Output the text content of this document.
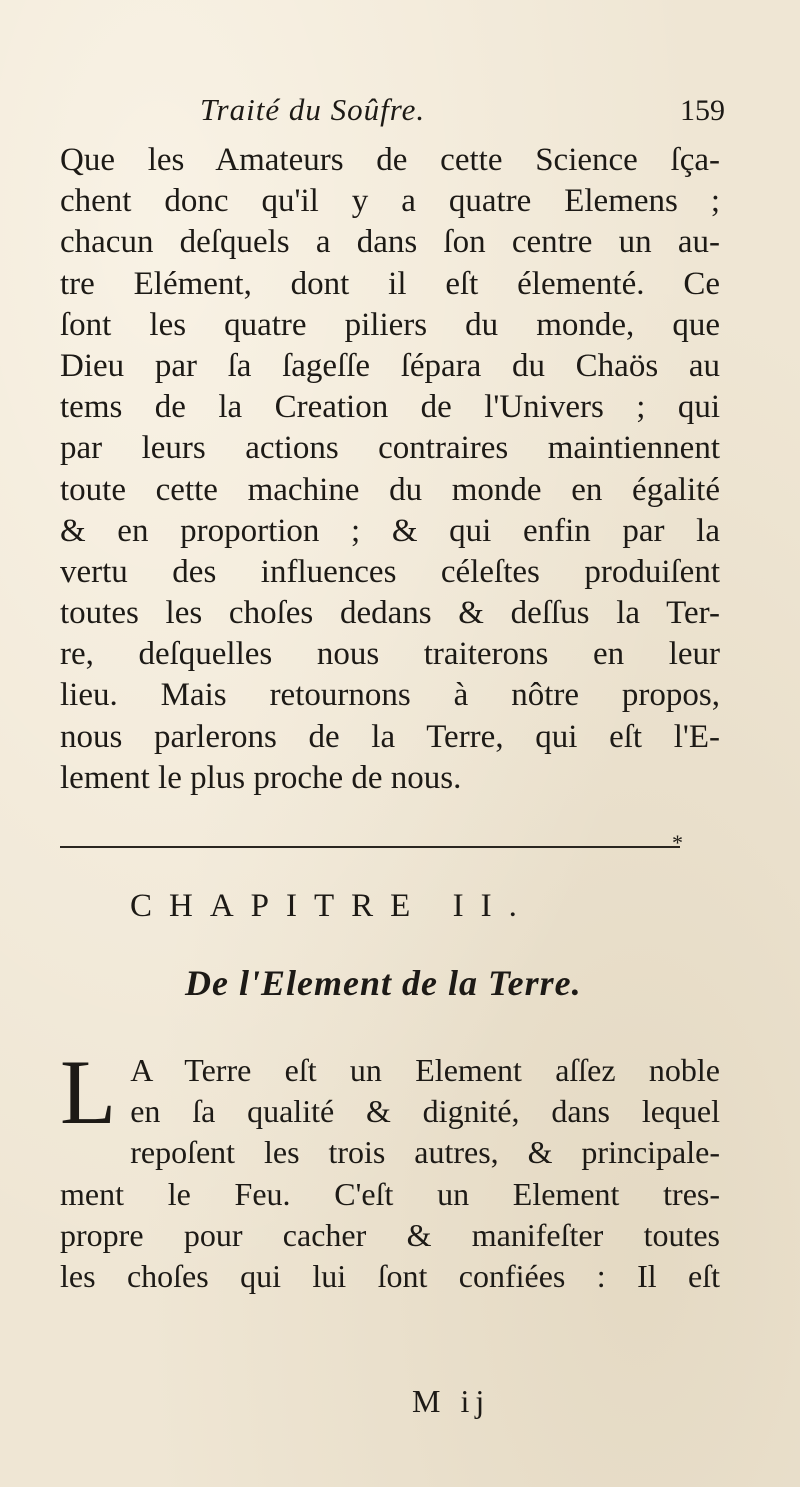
Traité du Soûfre.	159
Que les Amateurs de cette Science ſça-
chent donc qu'il y a quatre Elemens ;
chacun deſquels a dans ſon centre un au-
tre Elément, dont il eſt élementé. Ce
ſont les quatre piliers du monde, que
Dieu par ſa ſageſſe ſépara du Chaös au
tems de la Creation de l'Univers ; qui
par leurs actions contraires maintiennent
toute cette machine du monde en égalité
& en proportion ; & qui enfin par la
vertu des influences céleſtes produiſent
toutes les choſes dedans & deſſus la Ter-
re, deſquelles nous traiterons en leur
lieu. Mais retournons à nôtre propos,
nous parlerons de la Terre, qui eſt l'E-
lement le plus proche de nous.
*
CHAPITRE II.
De l'Element de la Terre.
L A Terre eſt un Element aſſez noble
en ſa qualité & dignité, dans lequel
repoſent les trois autres, & principale-
ment le Feu. C'eſt un Element tres-
propre pour cacher & manifeſter toutes
les choſes qui lui ſont confiées : Il eſt
M ij
